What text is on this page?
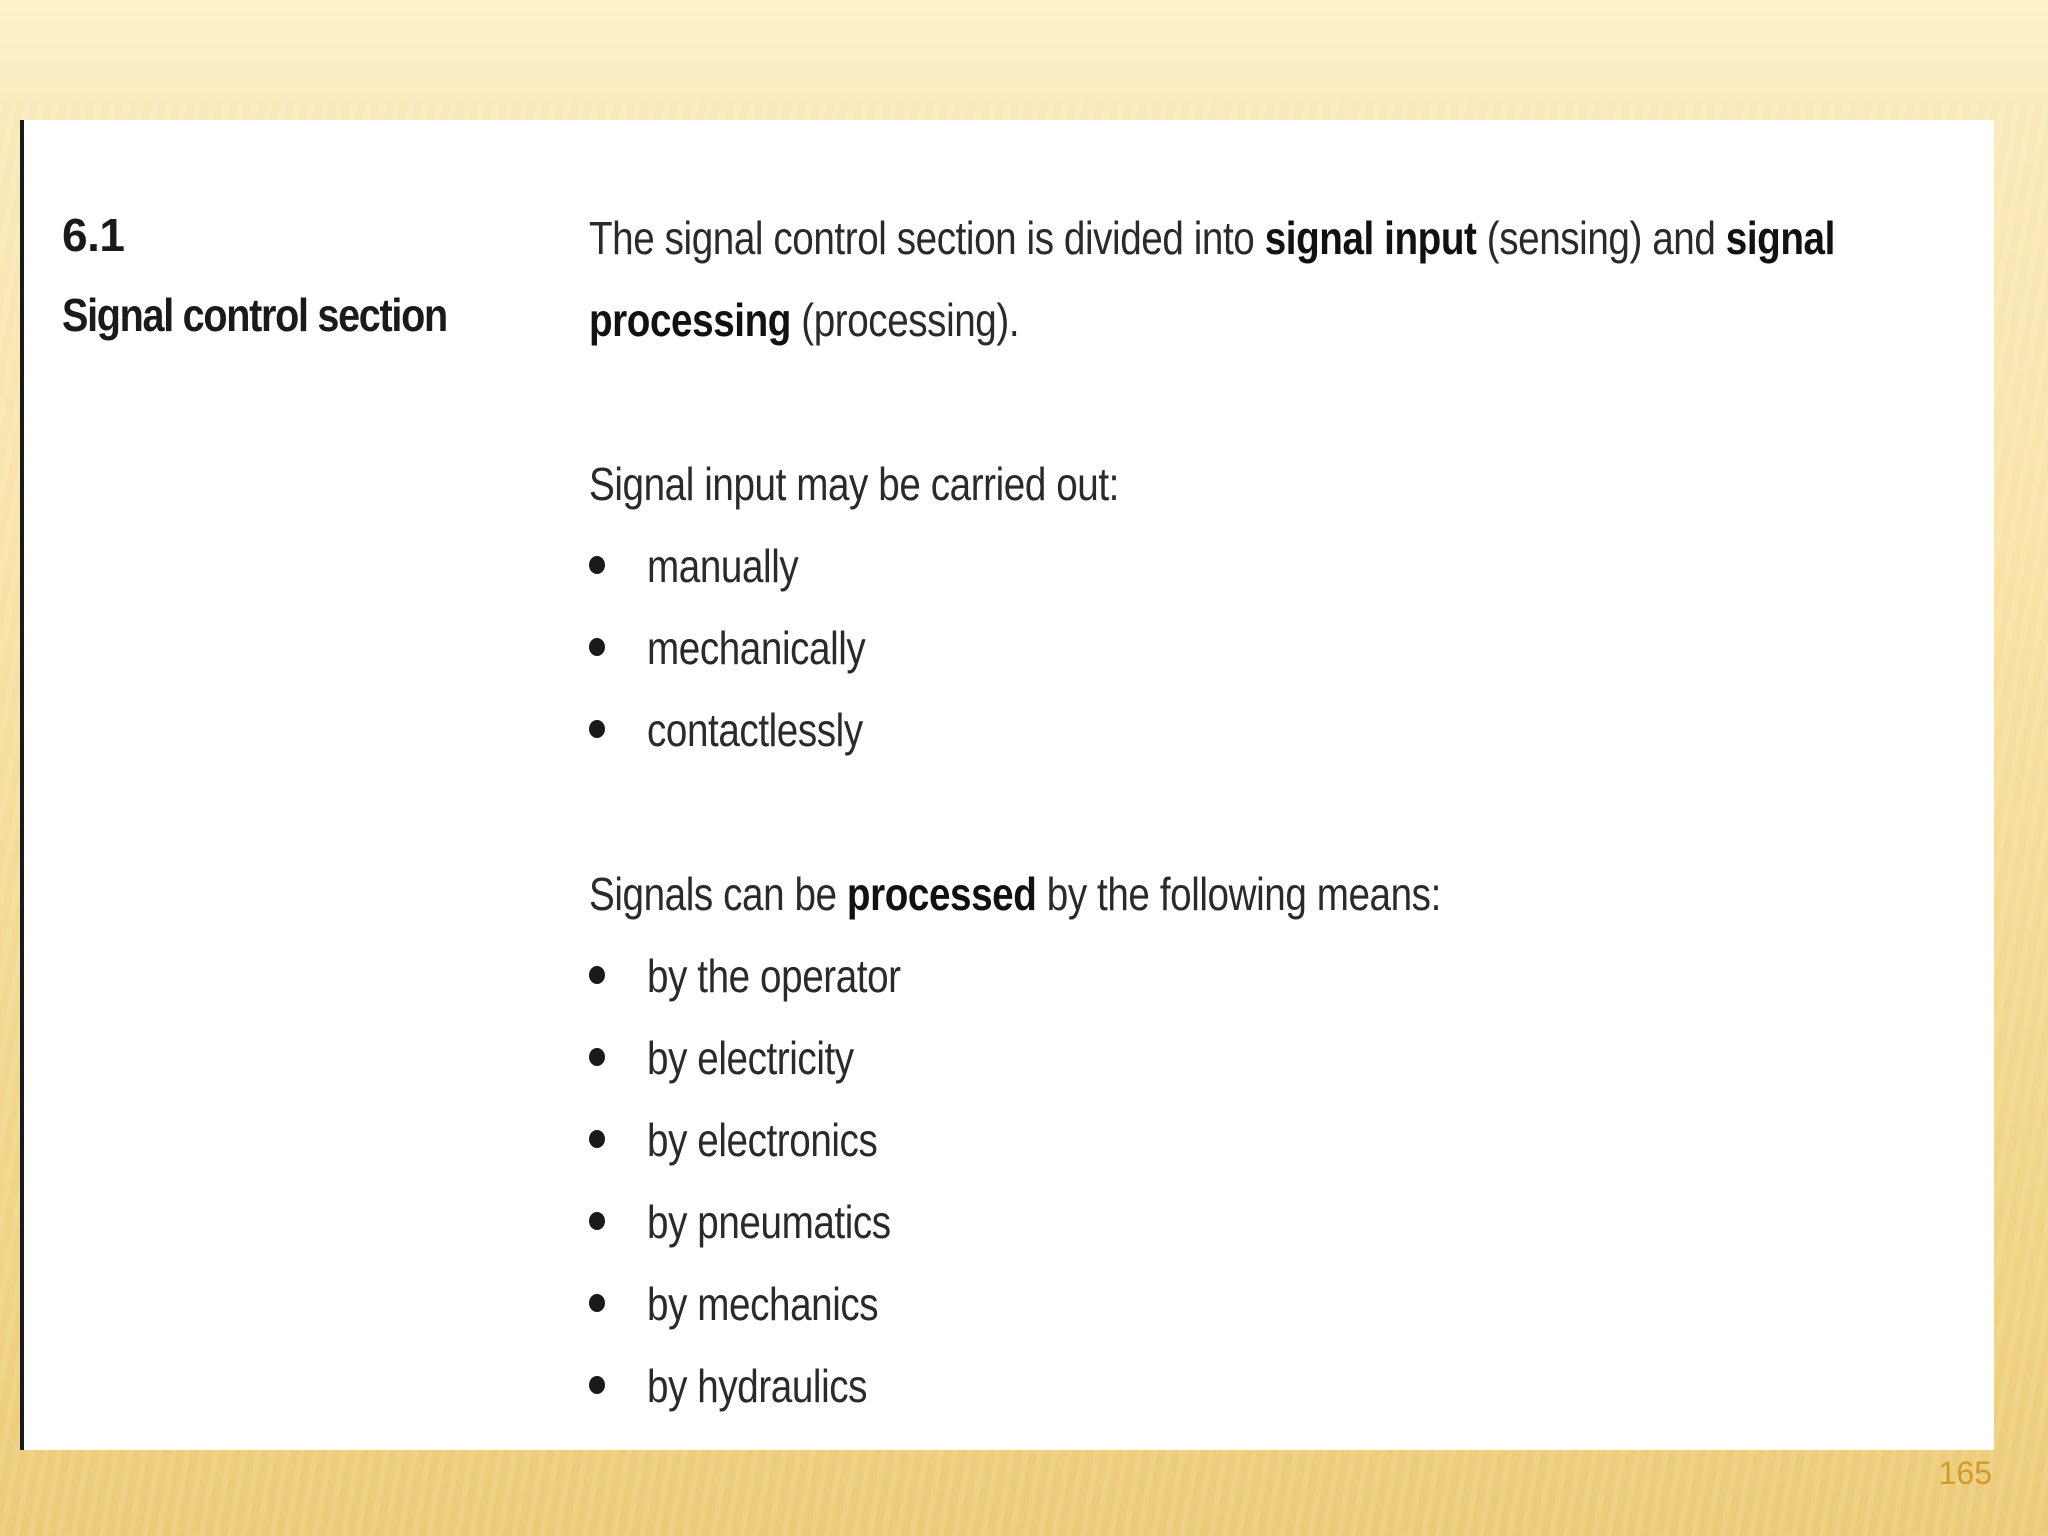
6.1
Signal control section
The signal control section is divided into signal input (sensing) and signal
processing (processing).
Signal input may be carried out:
manually
mechanically
contactlessly
Signals can be processed by the following means:
by the operator
by electricity
by electronics
by pneumatics
by mechanics
by hydraulics
165
